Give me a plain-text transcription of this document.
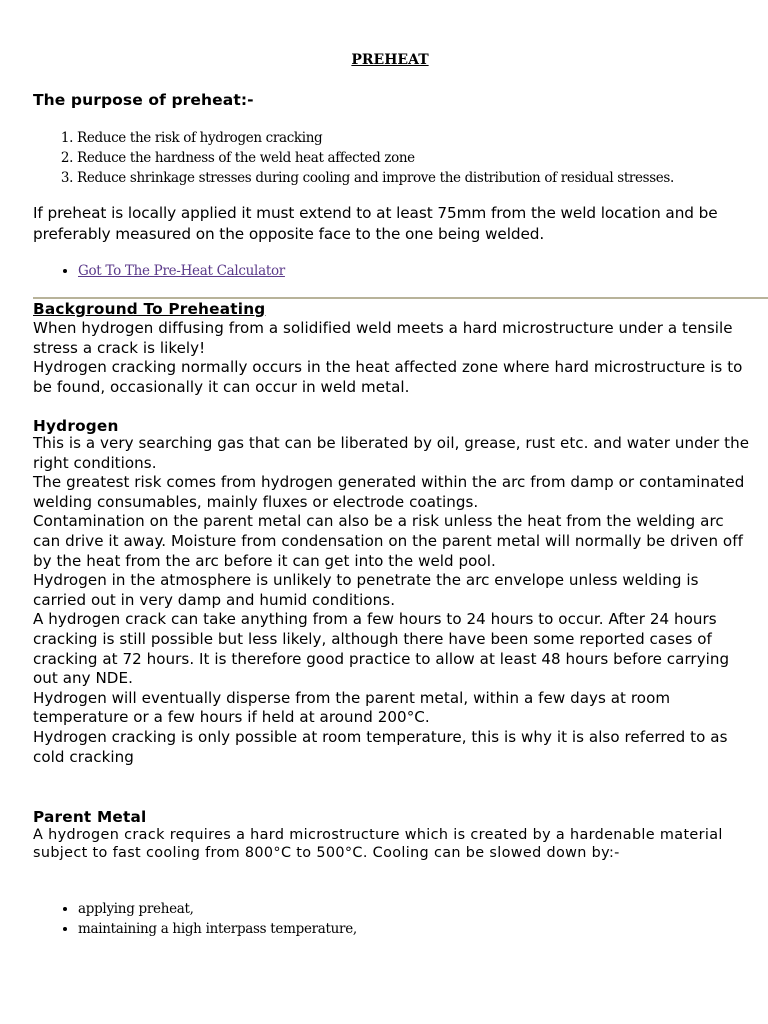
PREHEAT
The purpose of preheat:-
1. Reduce the risk of hydrogen cracking
2. Reduce the hardness of the weld heat affected zone
3. Reduce shrinkage stresses during cooling and improve the distribution of residual stresses.

If preheat is locally applied it must extend to at least 75mm from the weld location and be preferably measured on the opposite face to the one being welded.

• Got To The Pre-Heat Calculator
Background To Preheating

When hydrogen diffusing from a solidified weld meets a hard microstructure under a tensile stress a crack is likely!

Hydrogen cracking normally occurs in the heat affected zone where hard microstructure is to be found, occasionally it can occur in weld metal.

Hydrogen

This is a very searching gas that can be liberated by oil, grease, rust etc. and water under the right conditions.

The greatest risk comes from hydrogen generated within the arc from damp or contaminated welding consumables, mainly fluxes or electrode coatings.

Contamination on the parent metal can also be a risk unless the heat from the welding arc can drive it away. Moisture from condensation on the parent metal will normally be driven off by the heat from the arc before it can get into the weld pool.

Hydrogen in the atmosphere is unlikely to penetrate the arc envelope unless welding is carried out in very damp and humid conditions.

A hydrogen crack can take anything from a few hours to 24 hours to occur. After 24 hours cracking is still possible but less likely, although there have been some reported cases of cracking at 72 hours. It is therefore good practice to allow at least 48 hours before carrying out any NDE.

Hydrogen will eventually disperse from the parent metal, within a few days at room temperature or a few hours if held at around 200°C.

Hydrogen cracking is only possible at room temperature, this is why it is also referred to as cold cracking

Parent Metal

A hydrogen crack requires a hard microstructure which is created by a hardenable material subject to fast cooling from 800°C to 500°C. Cooling can be slowed down by:-

• applying preheat,
• maintaining a high interpass temperature,
